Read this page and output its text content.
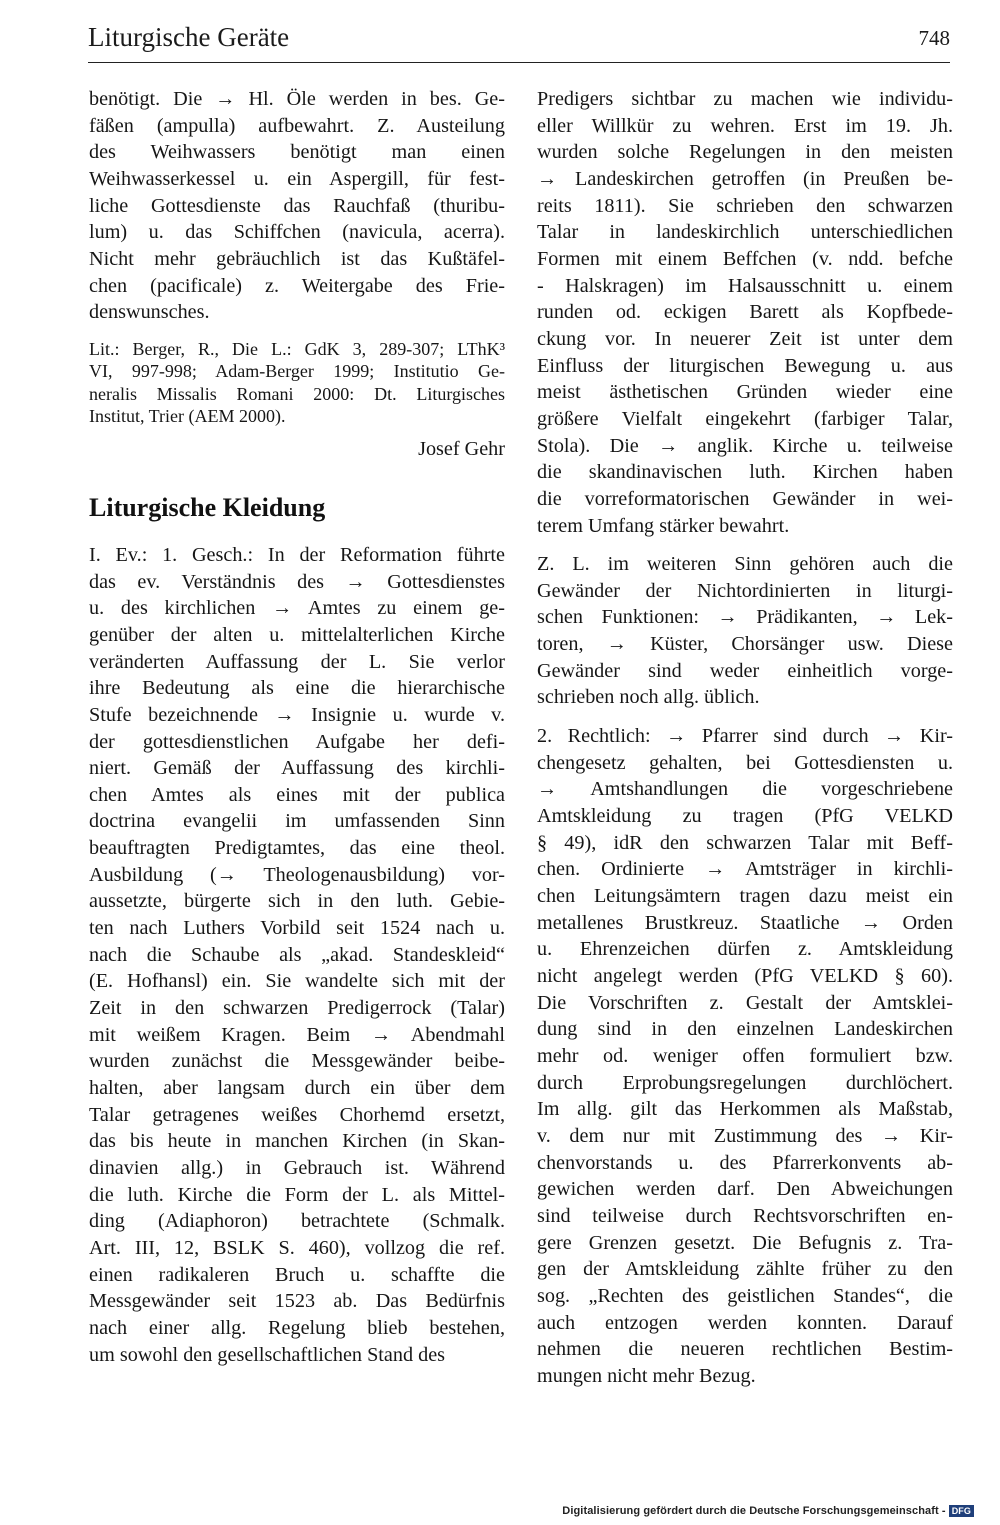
Liturgische Geräte	748
benötigt. Die → Hl. Öle werden in bes. Ge-
fäßen (ampulla) aufbewahrt. Z. Austeilung
des Weihwassers benötigt man einen
Weihwasserkessel u. ein Aspergill, für fest-
liche Gottesdienste das Rauchfaß (thuribu-
lum) u. das Schiffchen (navicula, acerra).
Nicht mehr gebräuchlich ist das Kußtäfel-
chen (pacificale) z. Weitergabe des Frie-
denswunsches.
Lit.: Berger, R., Die L.: GdK 3, 289-307; LThK³
VI, 997-998; Adam-Berger 1999; Institutio Ge-
neralis Missalis Romani 2000: Dt. Liturgisches
Institut, Trier (AEM 2000).
Josef Gehr
Liturgische Kleidung
I. Ev.: 1. Gesch.: In der Reformation führte
das ev. Verständnis des → Gottesdienstes
u. des kirchlichen → Amtes zu einem ge-
genüber der alten u. mittelalterlichen Kirche
veränderten Auffassung der L. Sie verlor
ihre Bedeutung als eine die hierarchische
Stufe bezeichnende → Insignie u. wurde v.
der gottesdienstlichen Aufgabe her defi-
niert. Gemäß der Auffassung des kirchli-
chen Amtes als eines mit der publica
doctrina evangelii im umfassenden Sinn
beauftragten Predigtamtes, das eine theol.
Ausbildung (→ Theologenausbildung) vor-
aussetzte, bürgerte sich in den luth. Gebie-
ten nach Luthers Vorbild seit 1524 nach u.
nach die Schaube als „akad. Standeskleid“
(E. Hofhansl) ein. Sie wandelte sich mit der
Zeit in den schwarzen Predigerrock (Talar)
mit weißem Kragen. Beim → Abendmahl
wurden zunächst die Messgewänder beibe-
halten, aber langsam durch ein über dem
Talar getragenes weißes Chorhemd ersetzt,
das bis heute in manchen Kirchen (in Skan-
dinavien allg.) in Gebrauch ist. Während
die luth. Kirche die Form der L. als Mittel-
ding (Adiaphoron) betrachtete (Schmalk.
Art. III, 12, BSLK S. 460), vollzog die ref.
einen radikaleren Bruch u. schaffte die
Messgewänder seit 1523 ab. Das Bedürfnis
nach einer allg. Regelung blieb bestehen,
um sowohl den gesellschaftlichen Stand des
Predigers sichtbar zu machen wie individu-
eller Willkür zu wehren. Erst im 19. Jh.
wurden solche Regelungen in den meisten
→ Landeskirchen getroffen (in Preußen be-
reits 1811). Sie schrieben den schwarzen
Talar in landeskirchlich unterschiedlichen
Formen mit einem Beffchen (v. ndd. befche
- Halskragen) im Halsausschnitt u. einem
runden od. eckigen Barett als Kopfbede-
ckung vor. In neuerer Zeit ist unter dem
Einfluss der liturgischen Bewegung u. aus
meist ästhetischen Gründen wieder eine
größere Vielfalt eingekehrt (farbiger Talar,
Stola). Die → anglik. Kirche u. teilweise
die skandinavischen luth. Kirchen haben
die vorreformatorischen Gewänder in wei-
terem Umfang stärker bewahrt.
Z. L. im weiteren Sinn gehören auch die
Gewänder der Nichtordinierten in liturgi-
schen Funktionen: → Prädikanten, → Lek-
toren, → Küster, Chorsänger usw. Diese
Gewänder sind weder einheitlich vorge-
schrieben noch allg. üblich.
2. Rechtlich: → Pfarrer sind durch → Kir-
chengesetz gehalten, bei Gottesdiensten u.
→ Amtshandlungen die vorgeschriebene
Amtskleidung zu tragen (PfG VELKD
§ 49), idR den schwarzen Talar mit Beff-
chen. Ordinierte → Amtsträger in kirchli-
chen Leitungsämtern tragen dazu meist ein
metallenes Brustkreuz. Staatliche → Orden
u. Ehrenzeichen dürfen z. Amtskleidung
nicht angelegt werden (PfG VELKD § 60).
Die Vorschriften z. Gestalt der Amtsklei-
dung sind in den einzelnen Landeskirchen
mehr od. weniger offen formuliert bzw.
durch Erprobungsregelungen durchlöchert.
Im allg. gilt das Herkommen als Maßstab,
v. dem nur mit Zustimmung des → Kir-
chenvorstands u. des Pfarrerkonvents ab-
gewichen werden darf. Den Abweichungen
sind teilweise durch Rechtsvorschriften en-
gere Grenzen gesetzt. Die Befugnis z. Tra-
gen der Amtskleidung zählte früher zu den
sog. „Rechten des geistlichen Standes“, die
auch entzogen werden konnten. Darauf
nehmen die neueren rechtlichen Bestim-
mungen nicht mehr Bezug.
Digitalisierung gefördert durch die Deutsche Forschungsgemeinschaft - DFG
